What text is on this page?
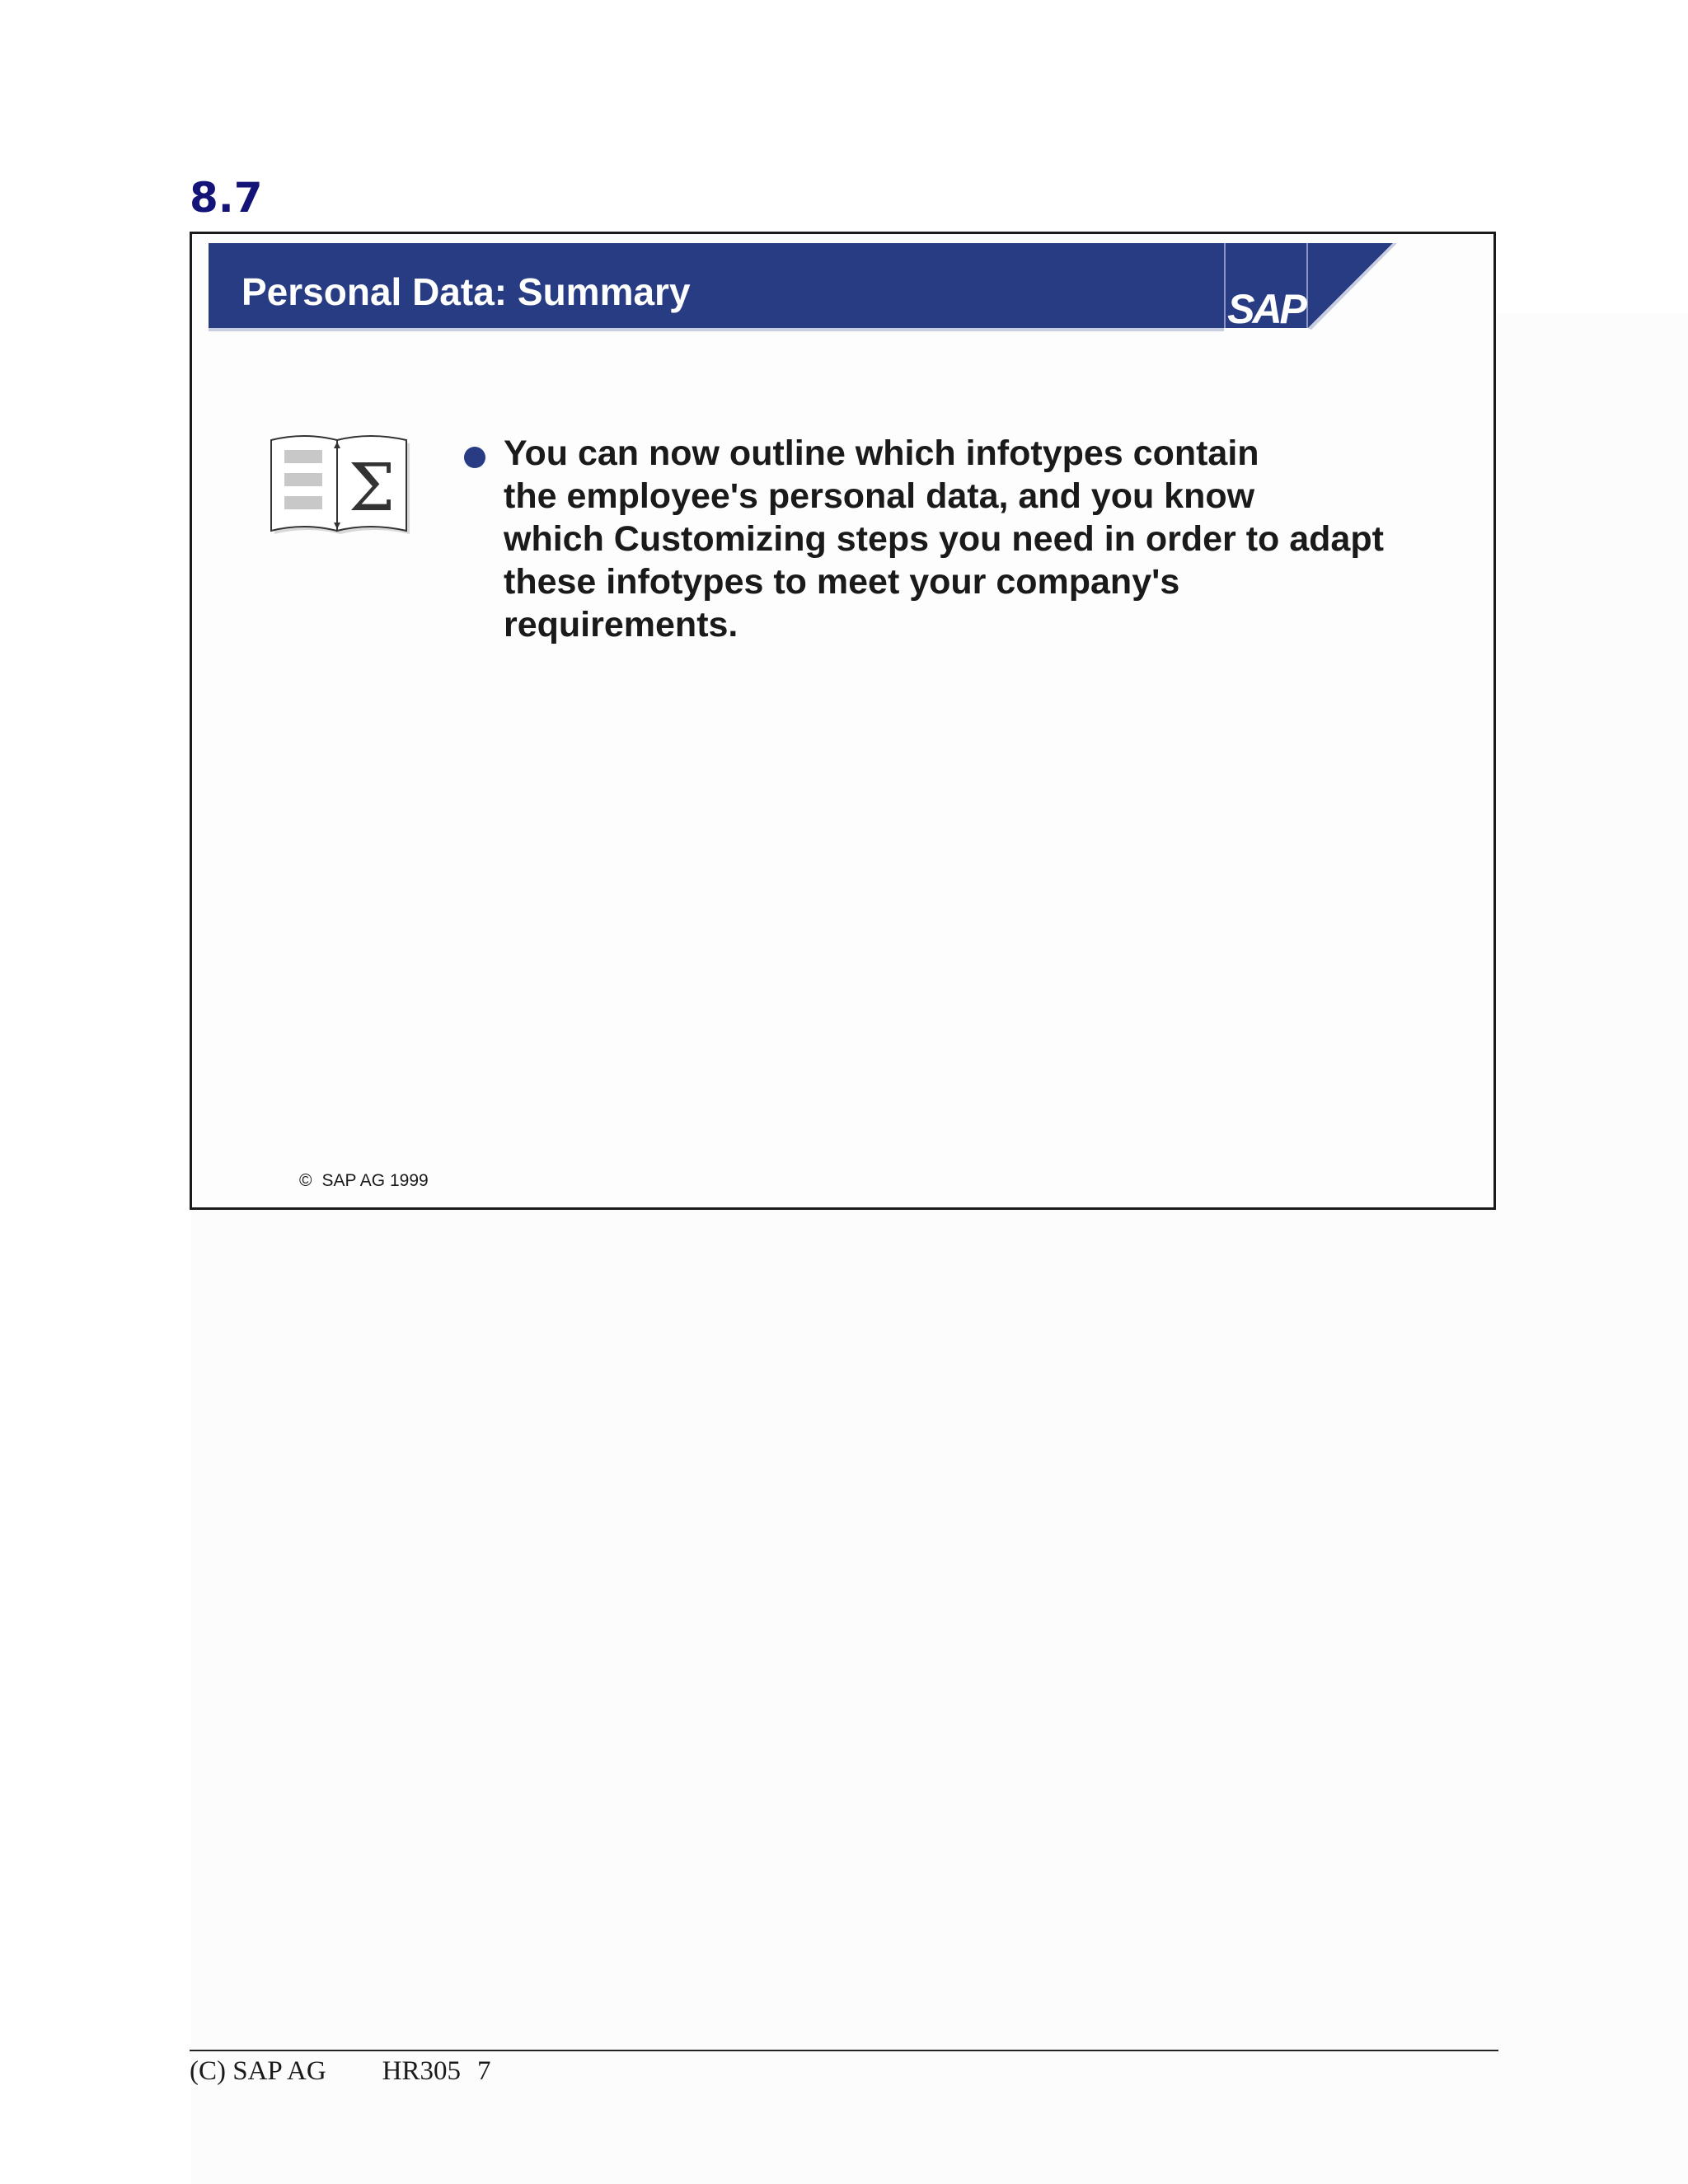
8.7
Personal Data: Summary	SAP
Σ	You can now outline which infotypes contain
the employee's personal data, and you know
which Customizing steps you need in order to adapt
these infotypes to meet your company's
requirements.
© SAP AG 1999
(C) SAP AG HR305 7
